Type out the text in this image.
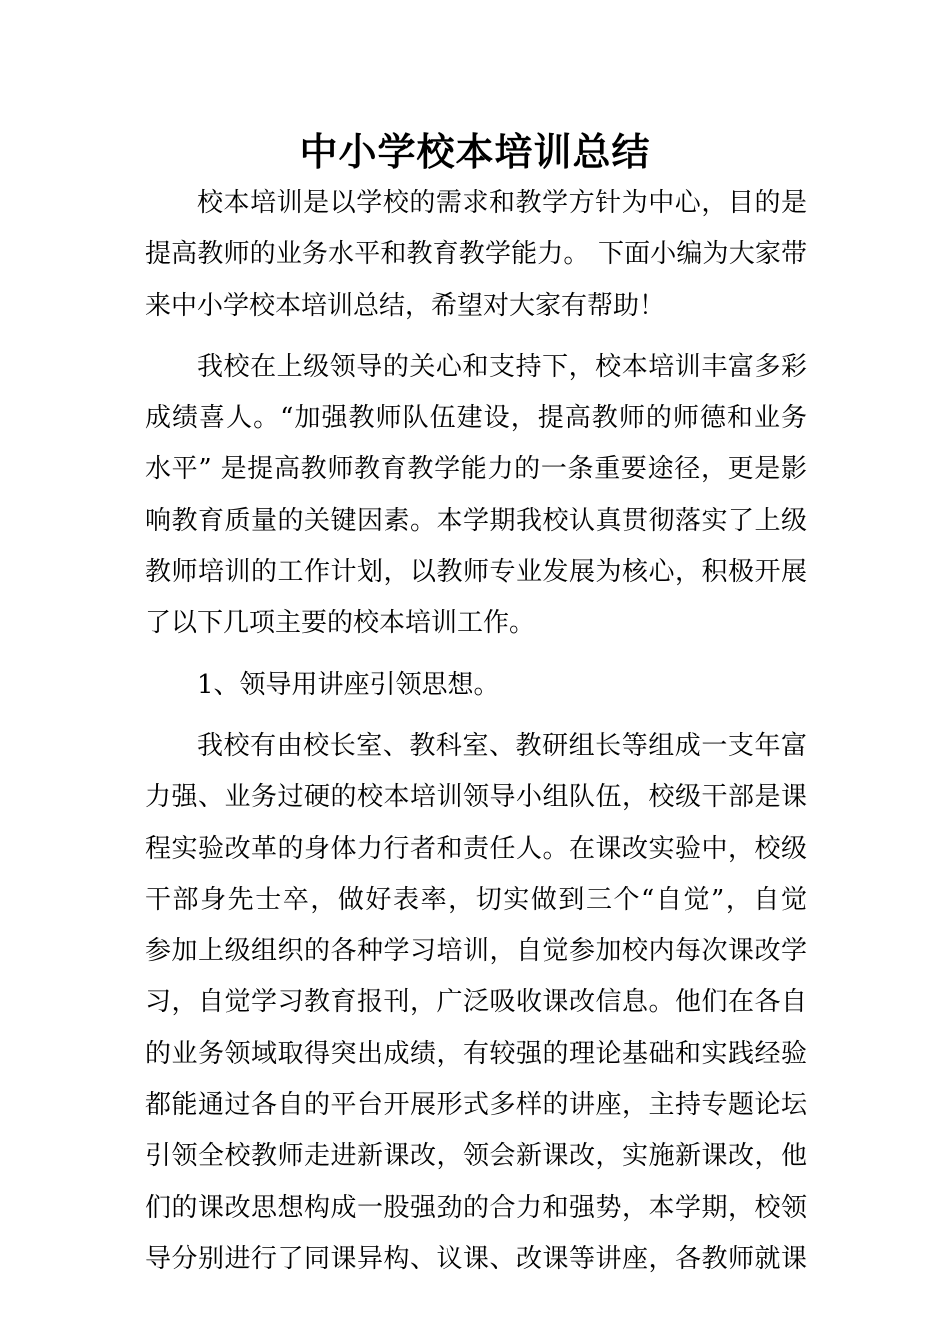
中小学校本培训总结

校本培训是以学校的需求和教学方针为中心，目的是
提高教师的业务水平和教育教学能力。 下面小编为大家带
来中小学校本培训总结，希望对大家有帮助！

我校在上级领导的关心和支持下，校本培训丰富多彩
成绩喜人。“加强教师队伍建设，提高教师的师德和业务
水平” 是提高教师教育教学能力的一条重要途径，更是影
响教育质量的关键因素。本学期我校认真贯彻落实了上级
教师培训的工作计划，以教师专业发展为核心，积极开展
了以下几项主要的校本培训工作。

1、领导用讲座引领思想。

我校有由校长室、教科室、教研组长等组成一支年富
力强、业务过硬的校本培训领导小组队伍，校级干部是课
程实验改革的身体力行者和责任人。在课改实验中，校级
干部身先士卒，做好表率，切实做到三个“自觉”，自觉
参加上级组织的各种学习培训，自觉参加校内每次课改学
习，自觉学习教育报刊，广泛吸收课改信息。他们在各自
的业务领域取得突出成绩，有较强的理论基础和实践经验
都能通过各自的平台开展形式多样的讲座，主持专题论坛
引领全校教师走进新课改，领会新课改，实施新课改，他
们的课改思想构成一股强劲的合力和强势，本学期，校领
导分别进行了同课异构、议课、改课等讲座，各教师就课
